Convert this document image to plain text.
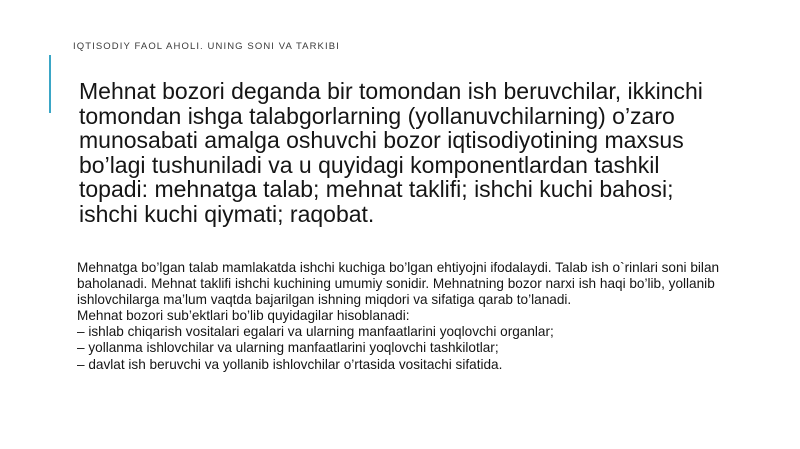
IQTISODIY FAOL AHOLI. UNING SONI VA TARKIBI

Mehnat bozori deganda bir tomondan ish beruvchilar, ikkinchi tomondan ishga talabgorlarning (yollanuvchilarning) o’zaro munosabati amalga oshuvchi bozor iqtisodiyotining maxsus bo’lagi tushuniladi va u quyidagi komponentlardan tashkil topadi: mehnatga talab; mehnat taklifi; ishchi kuchi bahosi; ishchi kuchi qiymati; raqobat.

Mehnatga bo’lgan talab mamlakatda ishchi kuchiga bo’lgan ehtiyojni ifodalaydi. Talab ish o`rinlari soni bilan baholanadi. Mehnat taklifi ishchi kuchining umumiy sonidir. Mehnatning bozor narxi ish haqi bo’lib, yollanib ishlovchilarga ma’lum vaqtda bajarilgan ishning miqdori va sifatiga qarab to’lanadi.
Mehnat bozori sub’ektlari bo’lib quyidagilar hisoblanadi:
– ishlab chiqarish vositalari egalari va ularning manfaatlarini yoqlovchi organlar;
– yollanma ishlovchilar va ularning manfaatlarini yoqlovchi tashkilotlar;
– davlat ish beruvchi va yollanib ishlovchilar o’rtasida vositachi sifatida.
